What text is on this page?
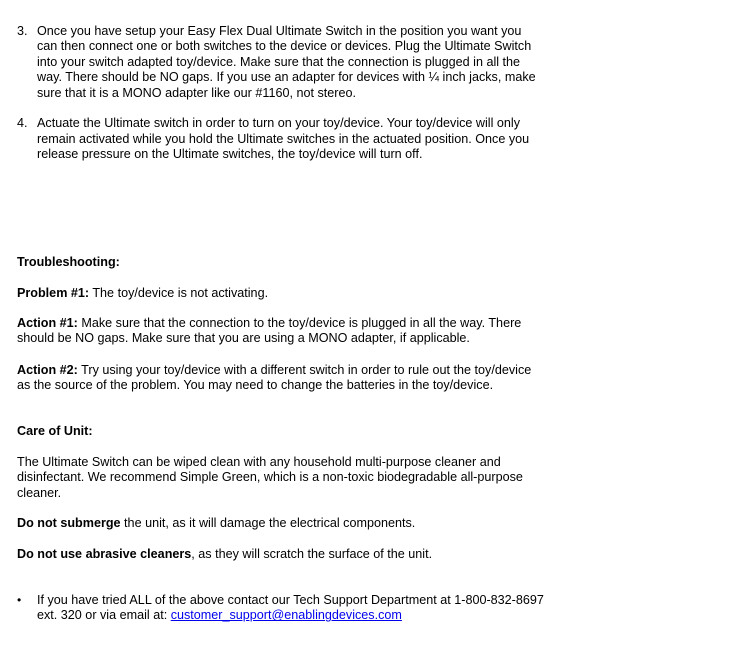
3. Once you have setup your Easy Flex Dual Ultimate Switch in the position you want you can then connect one or both switches to the device or devices. Plug the Ultimate Switch into your switch adapted toy/device. Make sure that the connection is plugged in all the way. There should be NO gaps. If you use an adapter for devices with ¼ inch jacks, make sure that it is a MONO adapter like our #1160, not stereo.
4. Actuate the Ultimate switch in order to turn on your toy/device. Your toy/device will only remain activated while you hold the Ultimate switches in the actuated position. Once you release pressure on the Ultimate switches, the toy/device will turn off.

Troubleshooting:

Problem #1: The toy/device is not activating.

Action #1: Make sure that the connection to the toy/device is plugged in all the way. There should be NO gaps. Make sure that you are using a MONO adapter, if applicable.

Action #2: Try using your toy/device with a different switch in order to rule out the toy/device as the source of the problem. You may need to change the batteries in the toy/device.

Care of Unit:

The Ultimate Switch can be wiped clean with any household multi-purpose cleaner and disinfectant. We recommend Simple Green, which is a non-toxic biodegradable all-purpose cleaner.

Do not submerge the unit, as it will damage the electrical components.

Do not use abrasive cleaners, as they will scratch the surface of the unit.

• If you have tried ALL of the above contact our Tech Support Department at 1-800-832-8697 ext. 320 or via email at: customer_support@enablingdevices.com
